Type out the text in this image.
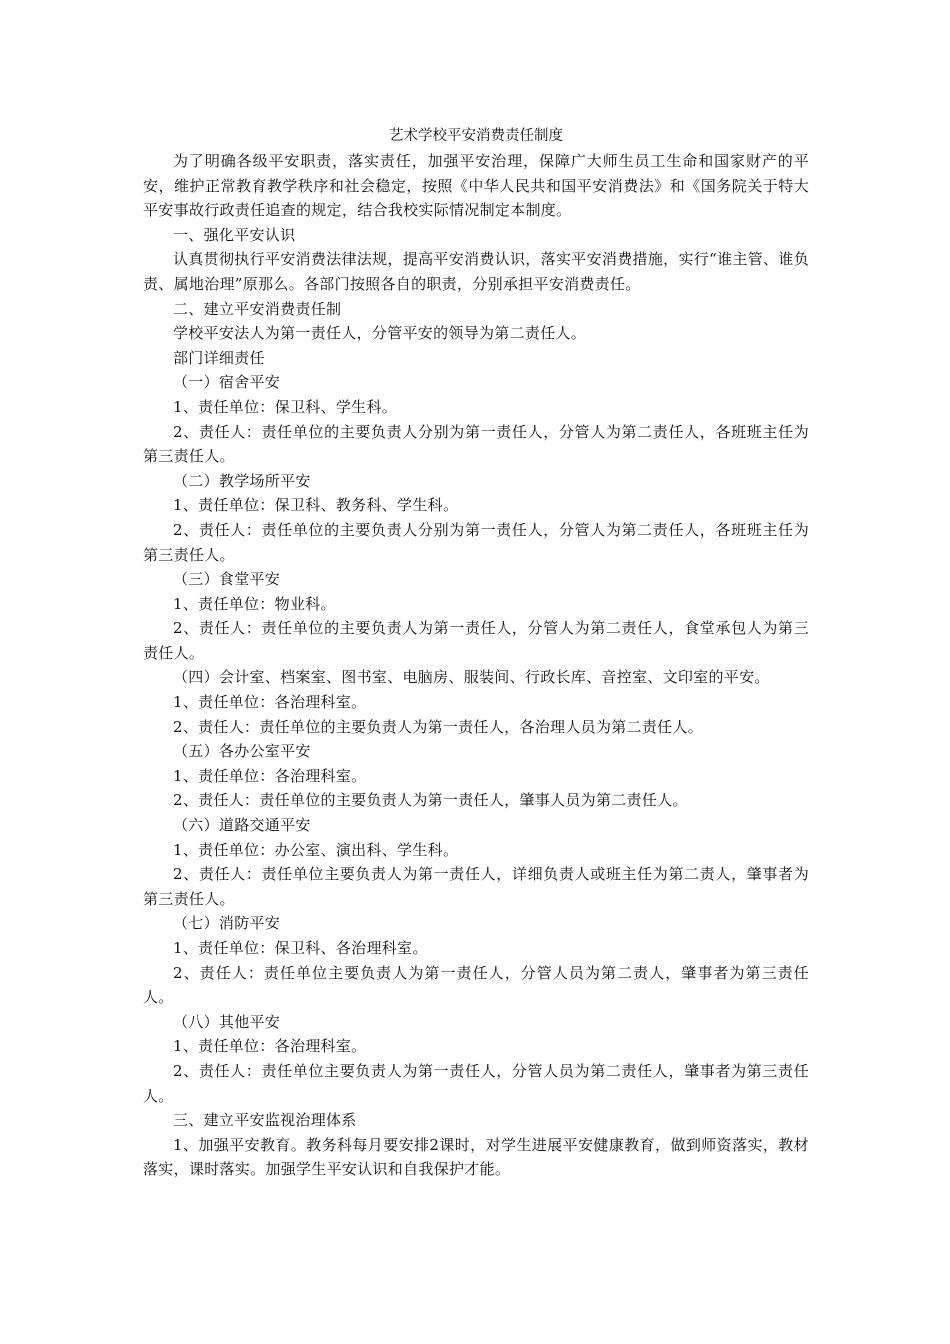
艺术学校平安消费责任制度

为了明确各级平安职责，落实责任，加强平安治理，保障广大师生员工生命和国家财产的平安，维护正常教育教学秩序和社会稳定，按照《中华人民共和国平安消费法》和《国务院关于特大平安事故行政责任追查的规定，结合我校实际情况制定本制度。

一、强化平安认识

认真贯彻执行平安消费法律法规，提高平安消费认识，落实平安消费措施，实行“谁主管、谁负责、属地治理”原那么。各部门按照各自的职责，分别承担平安消费责任。

二、建立平安消费责任制

学校平安法人为第一责任人，分管平安的领导为第二责任人。

部门详细责任

（一）宿舍平安

1、责任单位：保卫科、学生科。

2、责任人：责任单位的主要负责人分别为第一责任人，分管人为第二责任人，各班班主任为第三责任人。

（二）教学场所平安

1、责任单位：保卫科、教务科、学生科。

2、责任人：责任单位的主要负责人分别为第一责任人，分管人为第二责任人，各班班主任为第三责任人。

（三）食堂平安

1、责任单位：物业科。

2、责任人：责任单位的主要负责人为第一责任人，分管人为第二责任人，食堂承包人为第三责任人。

（四）会计室、档案室、图书室、电脑房、服装间、行政长库、音控室、文印室的平安。

1、责任单位：各治理科室。

2、责任人：责任单位的主要负责人为第一责任人，各治理人员为第二责任人。

（五）各办公室平安

1、责任单位：各治理科室。

2、责任人：责任单位的主要负责人为第一责任人，肇事人员为第二责任人。

（六）道路交通平安

1、责任单位：办公室、演出科、学生科。

2、责任人：责任单位主要负责人为第一责任人，详细负责人或班主任为第二责人，肇事者为第三责任人。

（七）消防平安

1、责任单位：保卫科、各治理科室。

2、责任人：责任单位主要负责人为第一责任人，分管人员为第二责人，肇事者为第三责任人。

（八）其他平安

1、责任单位：各治理科室。

2、责任人：责任单位主要负责人为第一责任人，分管人员为第二责任人，肇事者为第三责任人。

三、建立平安监视治理体系

1、加强平安教育。教务科每月要安排2课时，对学生进展平安健康教育，做到师资落实，教材落实，课时落实。加强学生平安认识和自我保护才能。
